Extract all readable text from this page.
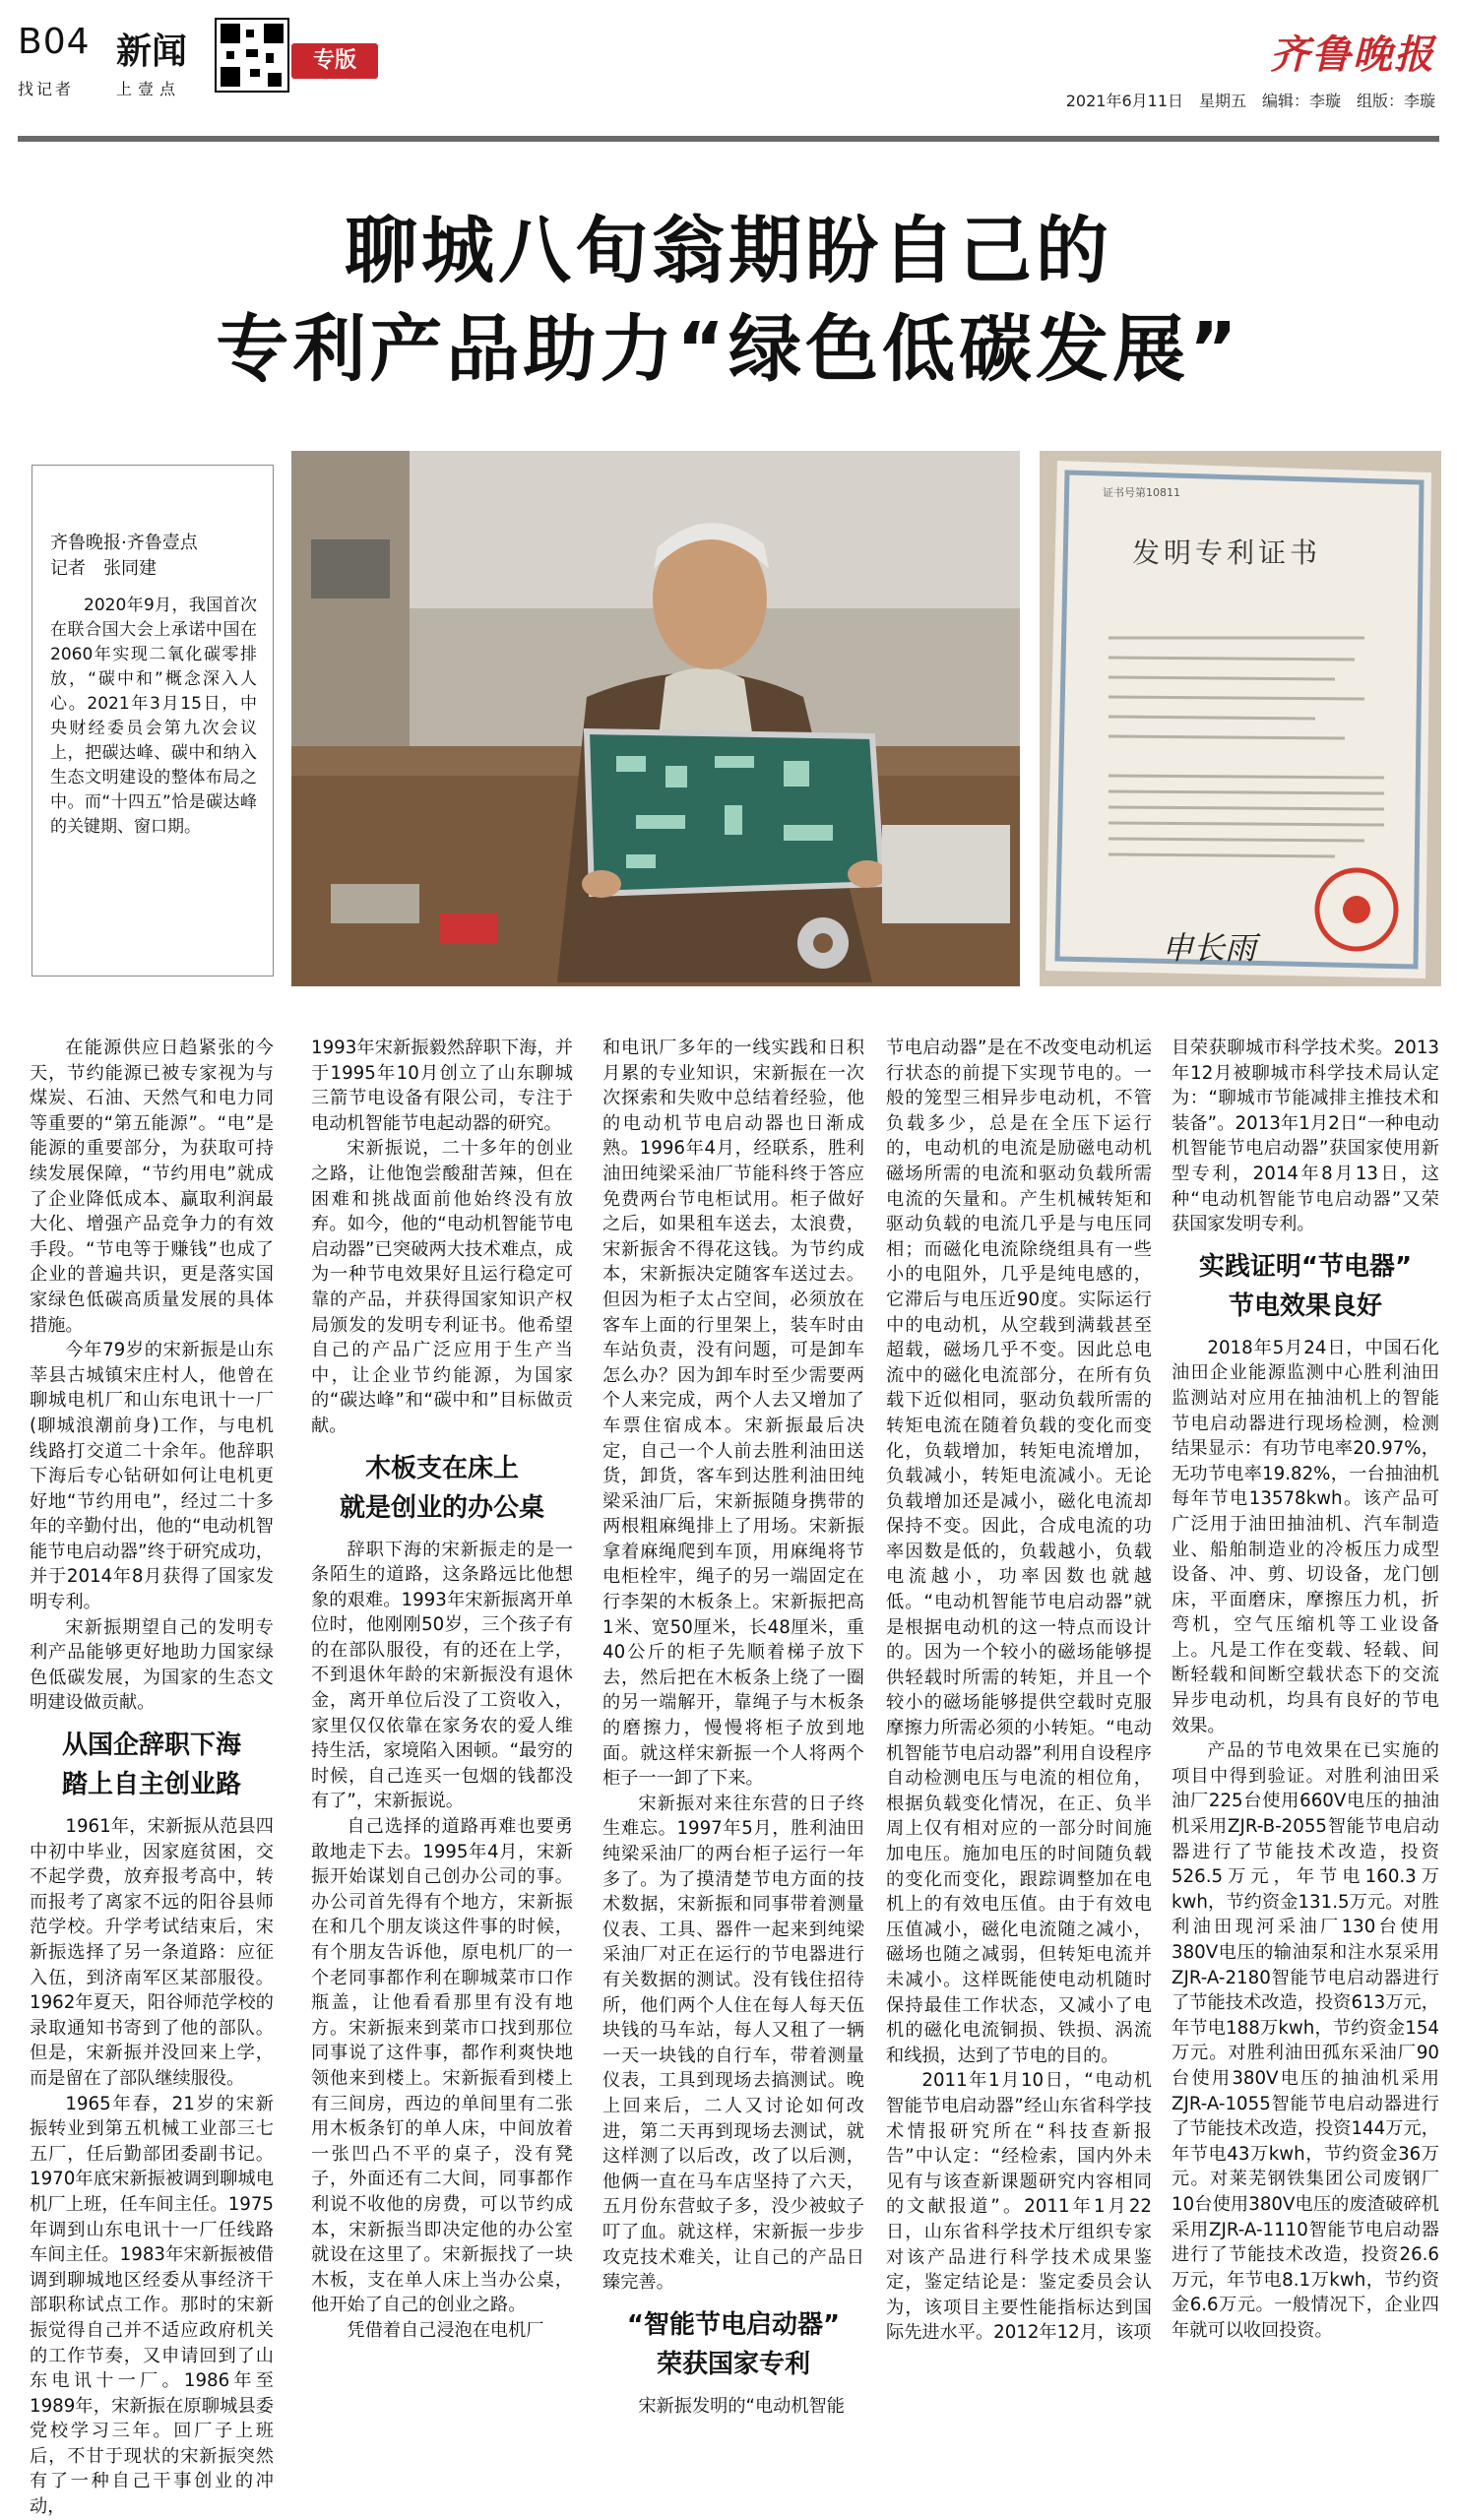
B04 新闻
找记者	上壹点
专版	齐鲁晚报
2021年6月11日　星期五　编辑：李璇　组版：李璇
聊城八旬翁期盼自己的
专利产品助力“绿色低碳发展”
齐鲁晚报·齐鲁壹点
记者　张同建
2020年9月，我国首次在联合国大会上承诺中国在2060年实现二氧化碳零排放，“碳中和”概念深入人心。2021年3月15日，中央财经委员会第九次会议上，把碳达峰、碳中和纳入生态文明建设的整体布局之中。而“十四五”恰是碳达峰的关键期、窗口期。
证书号第10811
发明专利证书
申长雨

在能源供应日趋紧张的今天，节约能源已被专家视为与煤炭、石油、天然气和电力同等重要的“第五能源”。“电”是能源的重要部分，为获取可持续发展保障，“节约用电”就成了企业降低成本、赢取利润最大化、增强产品竞争力的有效手段。“节电等于赚钱”也成了企业的普遍共识，更是落实国家绿色低碳高质量发展的具体措施。

今年79岁的宋新振是山东莘县古城镇宋庄村人，他曾在聊城电机厂和山东电讯十一厂(聊城浪潮前身)工作，与电机线路打交道二十余年。他辞职下海后专心钻研如何让电机更好地“节约用电”，经过二十多年的辛勤付出，他的“电动机智能节电启动器”终于研究成功，并于2014年8月获得了国家发明专利。

宋新振期望自己的发明专利产品能够更好地助力国家绿色低碳发展，为国家的生态文明建设做贡献。

从国企辞职下海
踏上自主创业路

1961年，宋新振从范县四中初中毕业，因家庭贫困，交不起学费，放弃报考高中，转而报考了离家不远的阳谷县师范学校。升学考试结束后，宋新振选择了另一条道路：应征入伍，到济南军区某部服役。1962年夏天，阳谷师范学校的录取通知书寄到了他的部队。但是，宋新振并没回来上学，而是留在了部队继续服役。

1965年春，21岁的宋新振转业到第五机械工业部三七五厂，任后勤部团委副书记。1970年底宋新振被调到聊城电机厂上班，任车间主任。1975年调到山东电讯十一厂任线路车间主任。1983年宋新振被借调到聊城地区经委从事经济干部职称试点工作。那时的宋新振觉得自己并不适应政府机关的工作节奏，又申请回到了山东电讯十一厂。1986年至1989年，宋新振在原聊城县委党校学习三年。回厂子上班后，不甘于现状的宋新振突然有了一种自己干事创业的冲动，

1993年宋新振毅然辞职下海，并于1995年10月创立了山东聊城三箭节电设备有限公司，专注于电动机智能节电起动器的研究。

宋新振说，二十多年的创业之路，让他饱尝酸甜苦辣，但在困难和挑战面前他始终没有放弃。如今，他的“电动机智能节电启动器”已突破两大技术难点，成为一种节电效果好且运行稳定可靠的产品，并获得国家知识产权局颁发的发明专利证书。他希望自己的产品广泛应用于生产当中，让企业节约能源，为国家的“碳达峰”和“碳中和”目标做贡献。

木板支在床上
就是创业的办公桌

辞职下海的宋新振走的是一条陌生的道路，这条路远比他想象的艰难。1993年宋新振离开单位时，他刚刚50岁，三个孩子有的在部队服役，有的还在上学，不到退休年龄的宋新振没有退休金，离开单位后没了工资收入，家里仅仅依靠在家务农的爱人维持生活，家境陷入困顿。“最穷的时候，自己连买一包烟的钱都没有了”，宋新振说。

自己选择的道路再难也要勇敢地走下去。1995年4月，宋新振开始谋划自己创办公司的事。办公司首先得有个地方，宋新振在和几个朋友谈这件事的时候，有个朋友告诉他，原电机厂的一个老同事都作利在聊城菜市口作瓶盖，让他看看那里有没有地方。宋新振来到菜市口找到那位同事说了这件事，都作利爽快地领他来到楼上。宋新振看到楼上有三间房，西边的单间里有二张用木板条钉的单人床，中间放着一张凹凸不平的桌子，没有凳子，外面还有二大间，同事都作利说不收他的房费，可以节约成本，宋新振当即决定他的办公室就设在这里了。宋新振找了一块木板，支在单人床上当办公桌，他开始了自己的创业之路。

凭借着自己浸泡在电机厂

和电讯厂多年的一线实践和日积月累的专业知识，宋新振在一次次探索和失败中总结着经验，他的电动机节电启动器也日渐成熟。1996年4月，经联系，胜利油田纯梁采油厂节能科终于答应免费两台节电柜试用。柜子做好之后，如果租车送去，太浪费，宋新振舍不得花这钱。为节约成本，宋新振决定随客车送过去。但因为柜子太占空间，必须放在客车上面的行里架上，装车时由车站负责，没有问题，可是卸车怎么办？因为卸车时至少需要两个人来完成，两个人去又增加了车票住宿成本。宋新振最后决定，自己一个人前去胜利油田送货，卸货，客车到达胜利油田纯梁采油厂后，宋新振随身携带的两根粗麻绳排上了用场。宋新振拿着麻绳爬到车顶，用麻绳将节电柜栓牢，绳子的另一端固定在行李架的木板条上。宋新振把高1米、宽50厘米，长48厘米，重40公斤的柜子先顺着梯子放下去，然后把在木板条上绕了一圈的另一端解开，靠绳子与木板条的磨擦力，慢慢将柜子放到地面。就这样宋新振一个人将两个柜子一一卸了下来。

宋新振对来往东营的日子终生难忘。1997年5月，胜利油田纯梁采油厂的两台柜子运行一年多了。为了摸清楚节电方面的技术数据，宋新振和同事带着测量仪表、工具、器件一起来到纯梁采油厂对正在运行的节电器进行有关数据的测试。没有钱住招待所，他们两个人住在每人每天伍块钱的马车站，每人又租了一辆一天一块钱的自行车，带着测量仪表，工具到现场去搞测试。晚上回来后，二人又讨论如何改进，第二天再到现场去测试，就这样测了以后改，改了以后测，他俩一直在马车店坚持了六天，五月份东营蚊子多，没少被蚊子叮了血。就这样，宋新振一步步攻克技术难关，让自己的产品日臻完善。

“智能节电启动器”
荣获国家专利

宋新振发明的“电动机智能

节电启动器”是在不改变电动机运行状态的前提下实现节电的。一般的笼型三相异步电动机，不管负载多少，总是在全压下运行的，电动机的电流是励磁电动机磁场所需的电流和驱动负载所需电流的矢量和。产生机械转矩和驱动负载的电流几乎是与电压同相；而磁化电流除绕组具有一些小的电阻外，几乎是纯电感的，它滞后与电压近90度。实际运行中的电动机，从空载到满载甚至超载，磁场几乎不变。因此总电流中的磁化电流部分，在所有负载下近似相同，驱动负载所需的转矩电流在随着负载的变化而变化，负载增加，转矩电流增加，负载减小，转矩电流减小。无论负载增加还是减小，磁化电流却保持不变。因此，合成电流的功率因数是低的，负载越小，负载电流越小，功率因数也就越低。“电动机智能节电启动器”就是根据电动机的这一特点而设计的。因为一个较小的磁场能够提供轻载时所需的转矩，并且一个较小的磁场能够提供空载时克服摩擦力所需必须的小转矩。“电动机智能节电启动器”利用自设程序自动检测电压与电流的相位角，根据负载变化情况，在正、负半周上仅有相对应的一部分时间施加电压。施加电压的时间随负载的变化而变化，跟踪调整加在电机上的有效电压值。由于有效电压值减小，磁化电流随之减小，磁场也随之减弱，但转矩电流并未减小。这样既能使电动机随时保持最佳工作状态，又减小了电机的磁化电流铜损、铁损、涡流和线损，达到了节电的目的。

2011年1月10日，“电动机智能节电启动器”经山东省科学技术情报研究所在“科技查新报告”中认定：“经检索，国内外未见有与该查新课题研究内容相同的文献报道”。2011年1月22日，山东省科学技术厅组织专家对该产品进行科学技术成果鉴定，鉴定结论是：鉴定委员会认为，该项目主要性能指标达到国际先进水平。2012年12月，该项

目荣获聊城市科学技术奖。2013年12月被聊城市科学技术局认定为：“聊城市节能减排主推技术和装备”。2013年1月2日“一种电动机智能节电启动器”获国家使用新型专利，2014年8月13日，这种“电动机智能节电启动器”又荣获国家发明专利。

实践证明“节电器”
节电效果良好

2018年5月24日，中国石化油田企业能源监测中心胜利油田监测站对应用在抽油机上的智能节电启动器进行现场检测，检测结果显示：有功节电率20.97%，无功节电率19.82%，一台抽油机每年节电13578kwh。该产品可广泛用于油田抽油机、汽车制造业、船舶制造业的冷板压力成型设备、冲、剪、切设备，龙门刨床，平面磨床，摩擦压力机，折弯机，空气压缩机等工业设备上。凡是工作在变载、轻载、间断轻载和间断空载状态下的交流异步电动机，均具有良好的节电效果。

产品的节电效果在已实施的项目中得到验证。对胜利油田采油厂225台使用660V电压的抽油机采用ZJR-B-2055智能节电启动器进行了节能技术改造，投资526.5万元，年节电160.3万kwh，节约资金131.5万元。对胜利油田现河采油厂130台使用380V电压的输油泵和注水泵采用ZJR-A-2180智能节电启动器进行了节能技术改造，投资613万元，年节电188万kwh，节约资金154万元。对胜利油田孤东采油厂90台使用380V电压的抽油机采用ZJR-A-1055智能节电启动器进行了节能技术改造，投资144万元，年节电43万kwh，节约资金36万元。对莱芜钢铁集团公司废钢厂10台使用380V电压的废渣破碎机采用ZJR-A-1110智能节电启动器进行了节能技术改造，投资26.6万元，年节电8.1万kwh，节约资金6.6万元。一般情况下，企业四年就可以收回投资。
